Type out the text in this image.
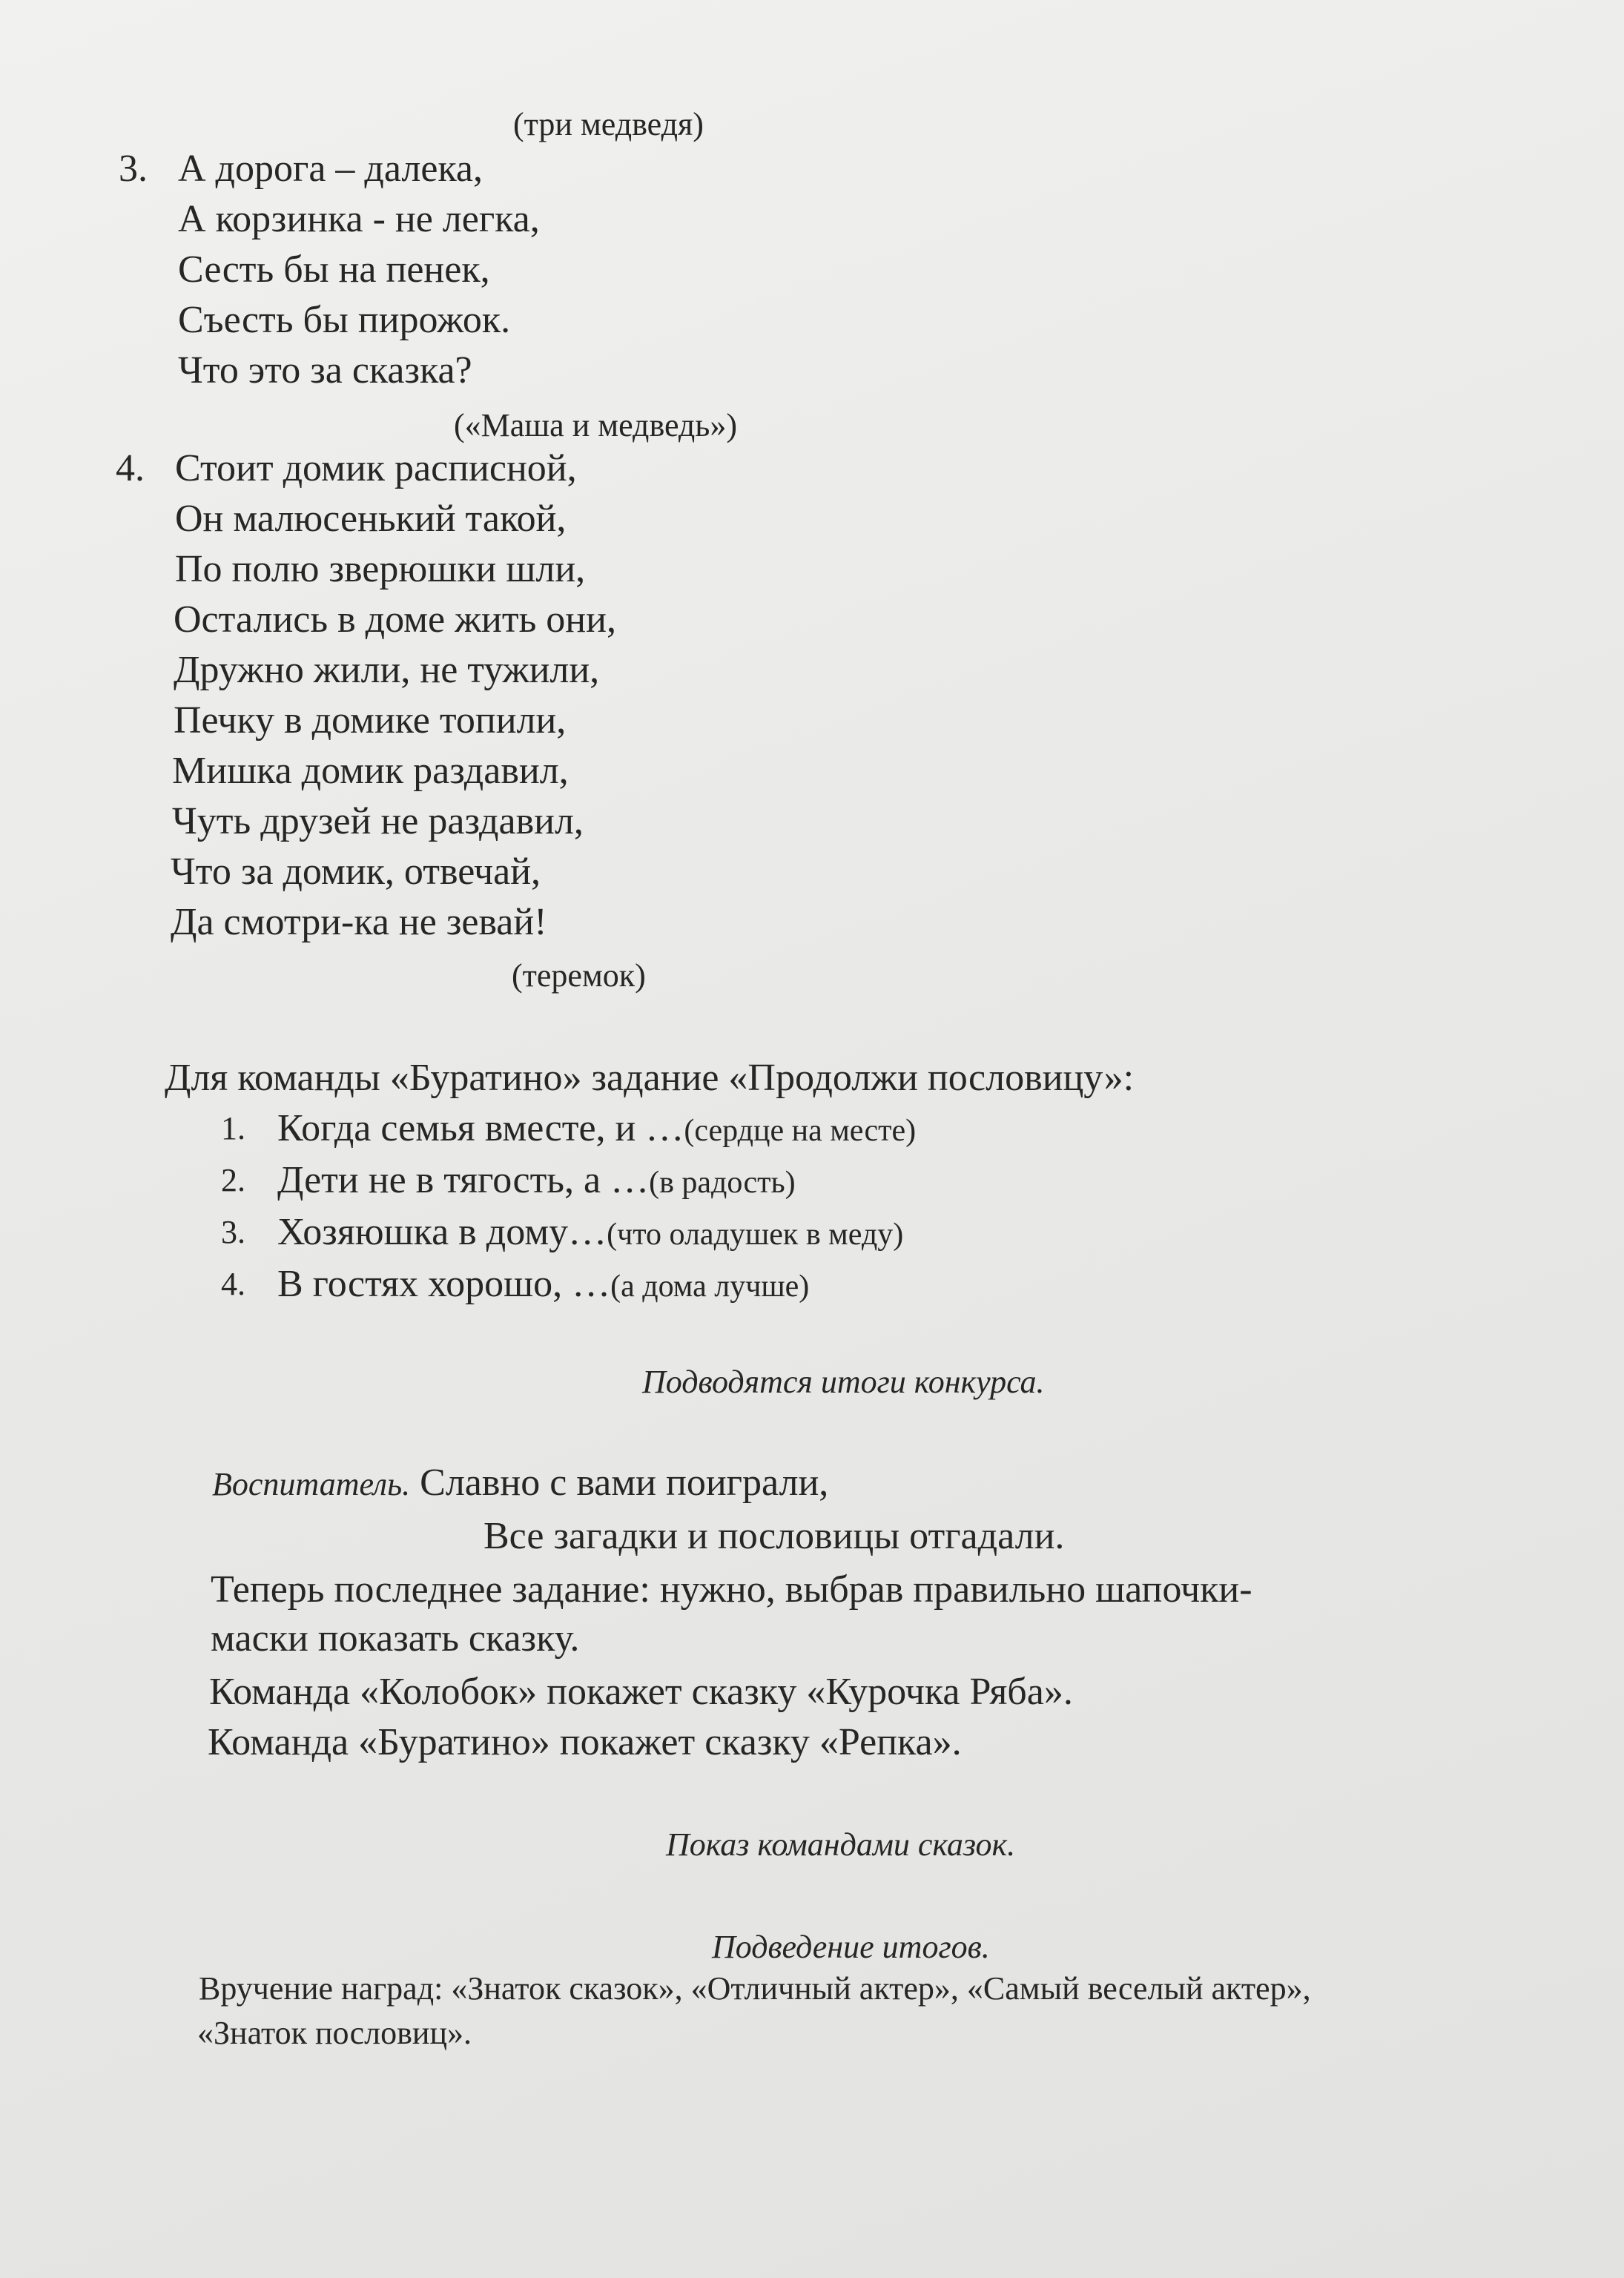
(три медведя)
3. А дорога – далека,
А корзинка - не легка,
Сесть бы на пенек,
Съесть бы пирожок.
Что это за сказка?
(«Маша и медведь»)
4. Стоит домик расписной,
Он малюсенький такой,
По полю зверюшки шли,
Остались в доме жить они,
Дружно жили, не тужили,
Печку в домике топили,
Мишка домик раздавил,
Чуть друзей не раздавил,
Что за домик, отвечай,
Да смотри-ка не зевай!
(теремок)
Для команды «Буратино» задание «Продолжи пословицу»:
1. Когда семья вместе, и …(сердце на месте)
2. Дети не в тягость, а …(в радость)
3. Хозяюшка в дому…(что оладушек в меду)
4. В гостях хорошо, …(а дома лучше)
Подводятся итоги конкурса.
Воспитатель. Славно с вами поиграли,
Все загадки и пословицы отгадали.
Теперь последнее задание: нужно, выбрав правильно шапочки-
маски показать сказку.
Команда «Колобок» покажет сказку «Курочка Ряба».
Команда «Буратино» покажет сказку «Репка».
Показ командами сказок.
Подведение итогов.
Вручение наград: «Знаток сказок», «Отличный актер», «Самый веселый актер»,
«Знаток пословиц».
